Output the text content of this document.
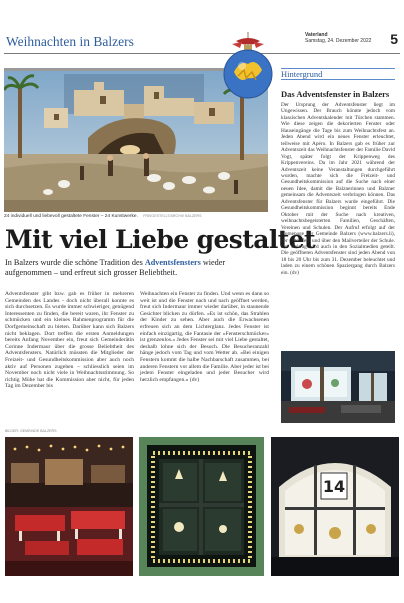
Weihnachten in Balzers	Vaterland
Samstag, 24. Dezember 2022 5
24 individuell und liebevoll gestaltete Fenster – 24 Kunstwerke. FREIGESTELLT/ARCHIV BALZERS
Mit viel Liebe gestaltet
In Balzers wurde die schöne Tradition des Adventsfensters wieder aufgenommen – und erfreut sich grosser Beliebtheit.
Adventsfenster gibt bzw. gab es früher in mehreren Gemeinden des Landes - doch nicht überall konnte es sich durchsetzen. Es wurde immer schwieriger, genügend Interessenten zu finden, die bereit waren, ihr Fenster zu schmücken und ein kleines Rahmenprogramm für die Dorfgemeinschaft zu bieten. Darüber kann sich Balzers nicht beklagen. Dort treffen die ersten Anmeldungen bereits Anfang November ein, freut sich Gemeinderätin Corinne Indermaur über die grosse Beliebtheit des Adventsfensters. Natürlich müssten die Mitglieder der Freizeit- und Gesundheitskommission aber auch noch aktiv auf Personen zugehen – schliesslich seien im November noch nicht viele in Weihnachtsstimmung. So richtig Mühe hat die Kommission aber nicht, für jeden Tag im Dezember bis
Weihnachten ein Fenster zu finden. Und wenn es dann so weit ist und die Fenster nach und nach geöffnet werden, freut sich Indermaur immer wieder darüber, in staunende Gesichter blicken zu dürfen. «Es ist schön, das Strahlen der Kinder zu sehen. Aber auch die Erwachsenen erfreuen sich an dem Lichterglanz. Jedes Fenster ist einfach einzigartig, die Fantasie der «Fensterschmücker» ist grenzenlos.» Jedes Fenster sei mit viel Liebe gestaltet, deshalb lohne sich der Besuch. Die Besucheranzahl hänge jedoch vom Tag und vom Wetter ab. «Bei einigen Fenstern kommt die halbe Nachbarschaft zusammen, bei anderen Fenstern vor allem die Familie. Aber jeder ist bei jedem Fenster eingeladen und jeder Besucher wird herzlich empfangen.» (dv)
Hintergrund
Das Adventsfenster in Balzers
Der Ursprung der Adventsfenster liegt im Ungewissen. Der Brauch könnte jedoch vom klassischen Adventskalender mit Türchen stammen. Wie diese zeigen die dekorierten Fenster oder Hauseingänge die Tage bis zum Weihnachtsfest an. Jeden Abend wird ein neues Fenster erleuchtet, teilweise mit Apéro. In Balzers gab es früher zur Adventszeit das Weihnachtsfenster der Familie David Vogt, später folgt der Krippenweg des Krippenvereins. Da im Jahr 2021 während der Adventszeit keine Veranstaltungen durchgeführt wurden, machte sich die Freizeit- und Gesundheitskommission auf die Suche nach einer neuen Idee, damit die Balznerinnen und Balzner gemeinsam die Adventszeit verbringen können. Das Adventsfenster für Balzers wurde eingeführt. Die Gesundheitskommission beginnt bereits Ende Oktober mit der Suche nach kreativen, weihnachtsbegeisterten Familien, Geschäften, Vereinen und Schulen. Der Aufruf erfolgt auf der Homepage der Gemeinde Balzers (www.balzers.li), der Ortstafeln und über den Mailverteiler der Schule. Der Beitrag wird auch in den Sozialmedien geteilt. Die geöffneten Adventsfenster sind jeden Abend von 18 bis 20 Uhr bis zum 31. Dezember beleuchtet und laden zu einem schönen Spaziergang durch Balzers ein. (dv)
BILDER: GEMEINDE BALZERS
14
